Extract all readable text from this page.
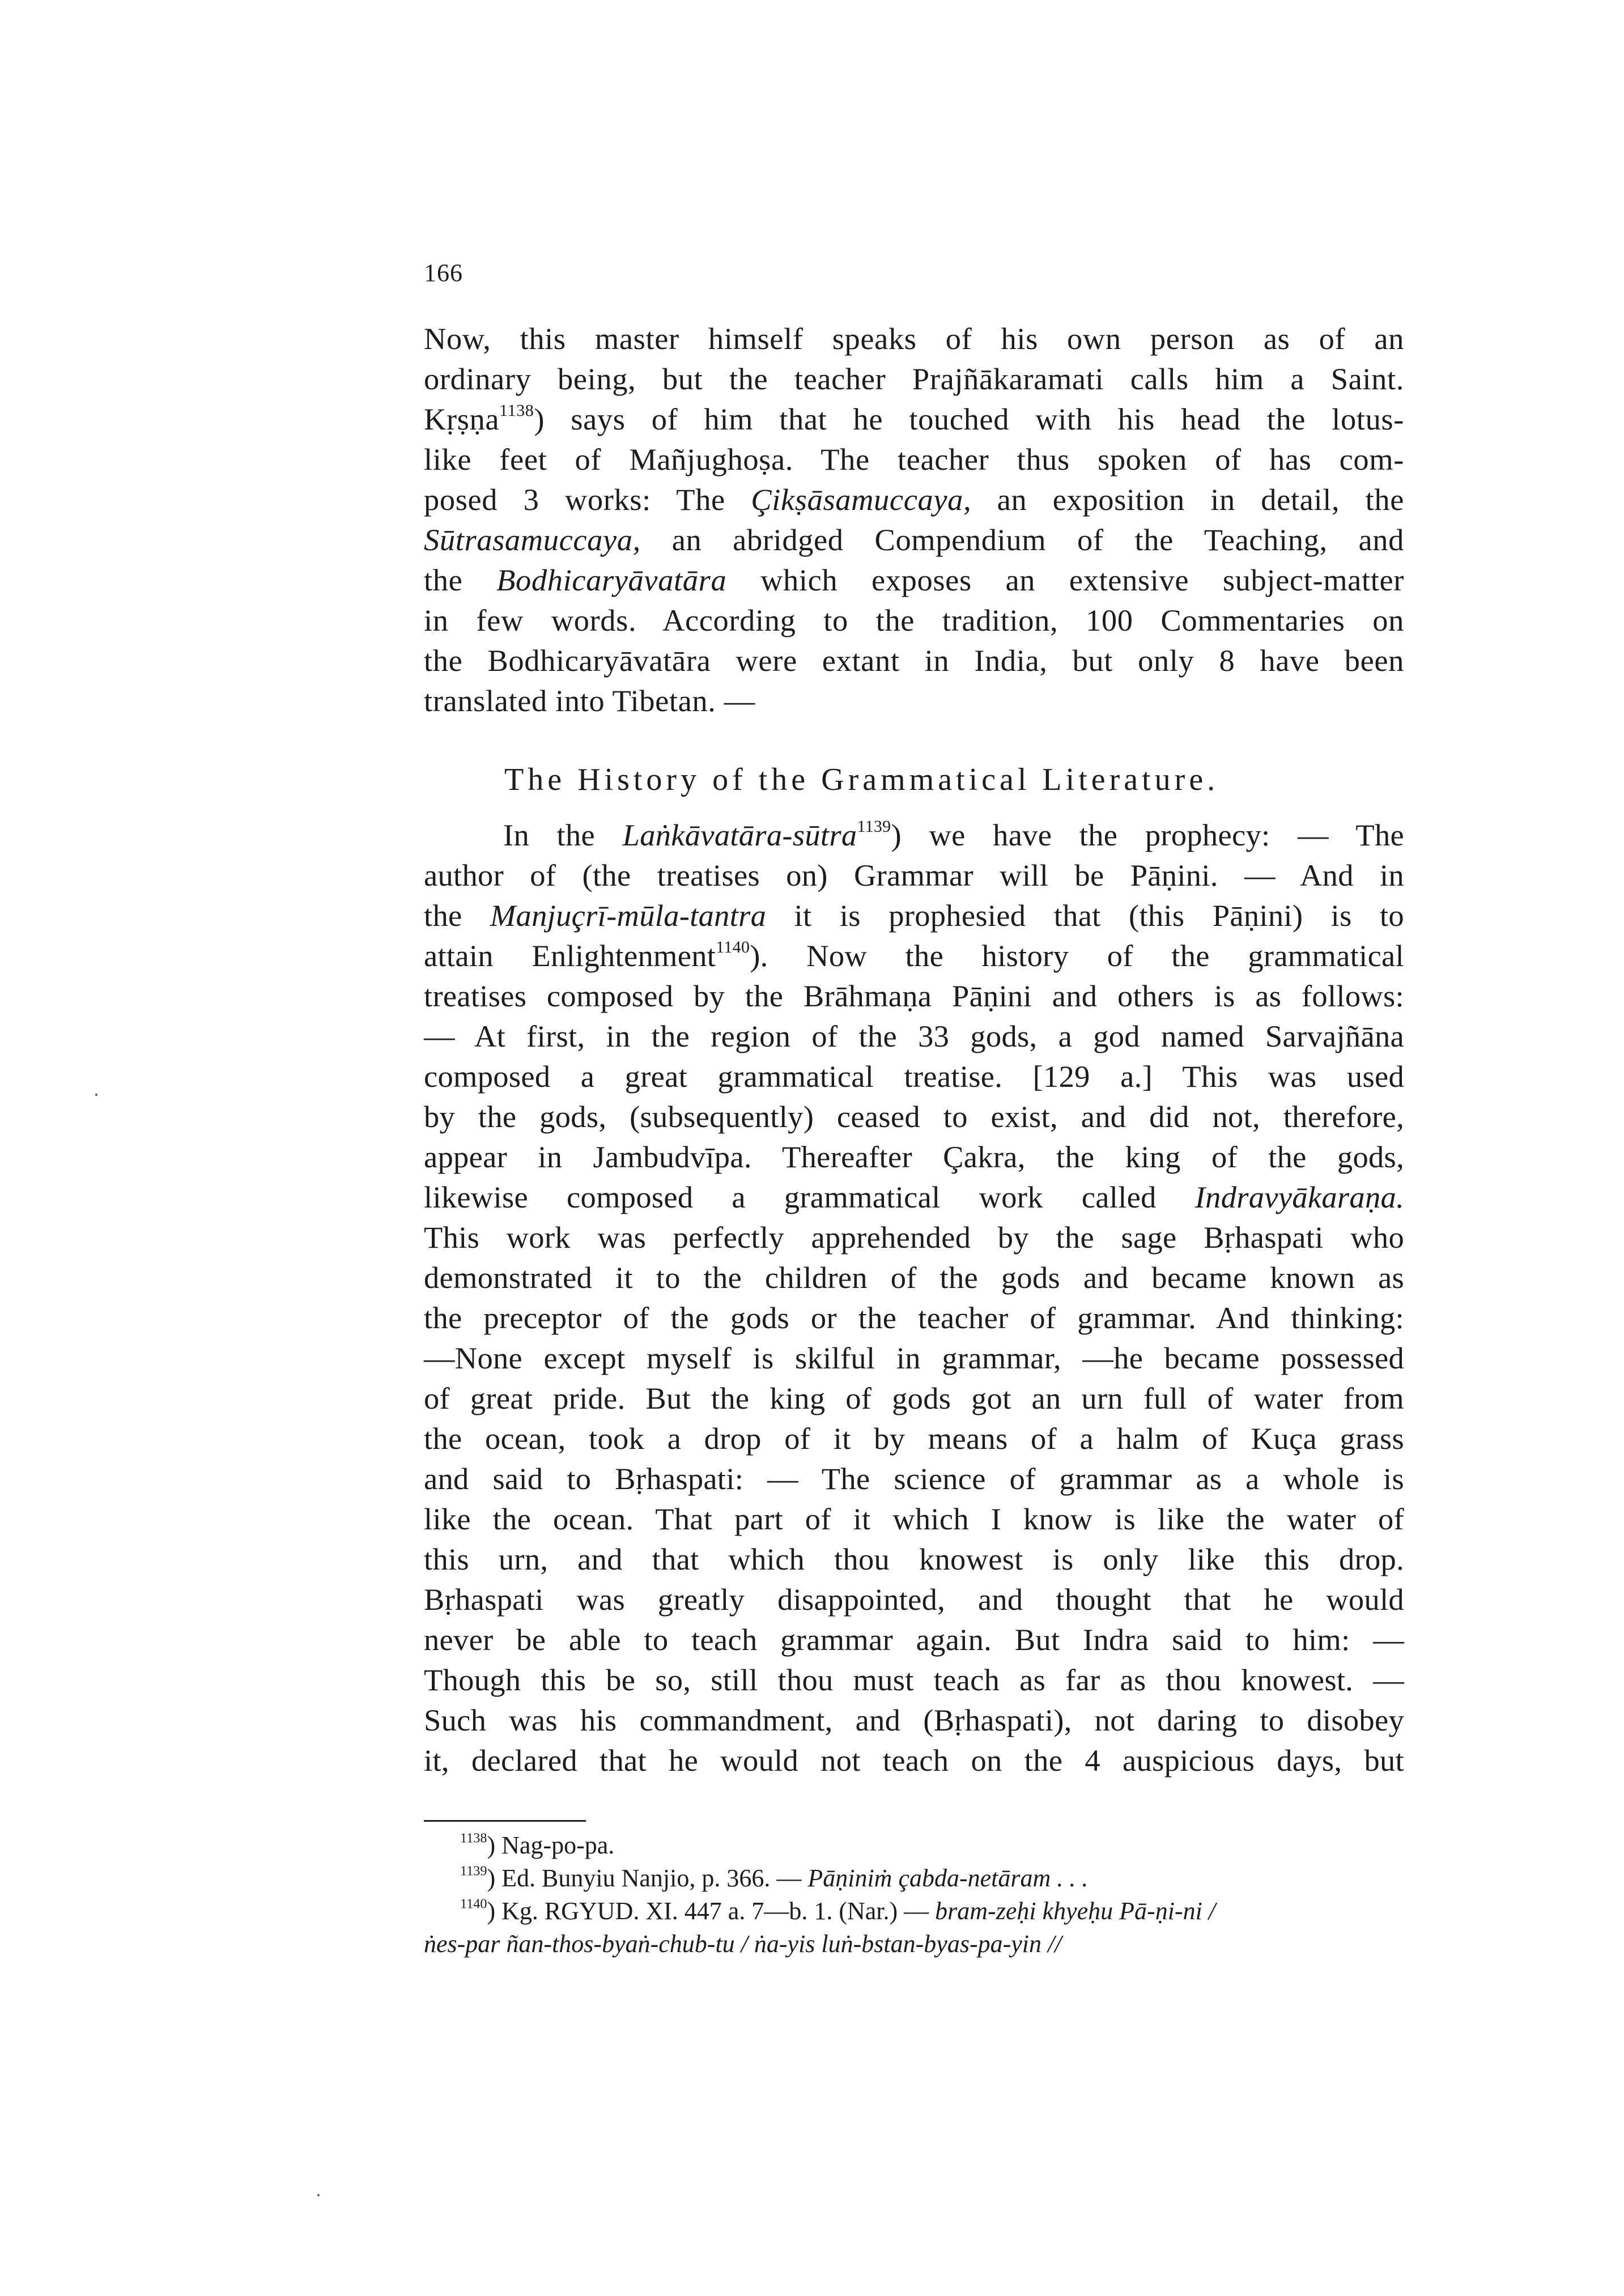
166
Now, this master himself speaks of his own person as of an
ordinary being, but the teacher Prajñākaramati calls him a Saint.
Kṛṣṇa$^{1138}$) says of him that he touched with his head the lotus-
like feet of Mañjughoṣa. The teacher thus spoken of has com-
posed 3 works: The Çikṣāsamuccaya, an exposition in detail, the
Sūtrasamuccaya, an abridged Compendium of the Teaching, and
the Bodhicaryāvatāra which exposes an extensive subject-matter
in few words. According to the tradition, 100 Commentaries on
the Bodhicaryāvatāra were extant in India, but only 8 have been
translated into Tibetan. —
The History of the Grammatical Literature.
In the Laṅkāvatāra-sūtra$^{1139}$) we have the prophecy: — The
author of (the treatises on) Grammar will be Pāṇini. — And in
the Manjuçrī-mūla-tantra it is prophesied that (this Pāṇini) is to
attain Enlightenment$^{1140}$). Now the history of the grammatical
treatises composed by the Brāhmaṇa Pāṇini and others is as follows:
— At first, in the region of the 33 gods, a god named Sarvajñāna
composed a great grammatical treatise. [129 a.] This was used
by the gods, (subsequently) ceased to exist, and did not, therefore,
appear in Jambudvīpa. Thereafter Çakra, the king of the gods,
likewise composed a grammatical work called Indravyākaraṇa.
This work was perfectly apprehended by the sage Bṛhaspati who
demonstrated it to the children of the gods and became known as
the preceptor of the gods or the teacher of grammar. And thinking:
—None except myself is skilful in grammar, —he became possessed
of great pride. But the king of gods got an urn full of water from
the ocean, took a drop of it by means of a halm of Kuça grass
and said to Bṛhaspati: — The science of grammar as a whole is
like the ocean. That part of it which I know is like the water of
this urn, and that which thou knowest is only like this drop.
Bṛhaspati was greatly disappointed, and thought that he would
never be able to teach grammar again. But Indra said to him: —
Though this be so, still thou must teach as far as thou knowest. —
Such was his commandment, and (Bṛhaspati), not daring to disobey
it, declared that he would not teach on the 4 auspicious days, but

$^{1138}$) Nag-po-pa.

$^{1139}$) Ed. Bunyiu Nanjio, p. 366. — Pāṇiniṁ çabda-netāram . . .

$^{1140}$) Kg. RGYUD. XI. 447 a. 7—b. 1. (Nar.) — bram-zeḥi khyeḥu Pā-ṇi-ni /

ṅes-par ñan-thos-byaṅ-chub-tu / ṅa-yis luṅ-bstan-byas-pa-yin //
